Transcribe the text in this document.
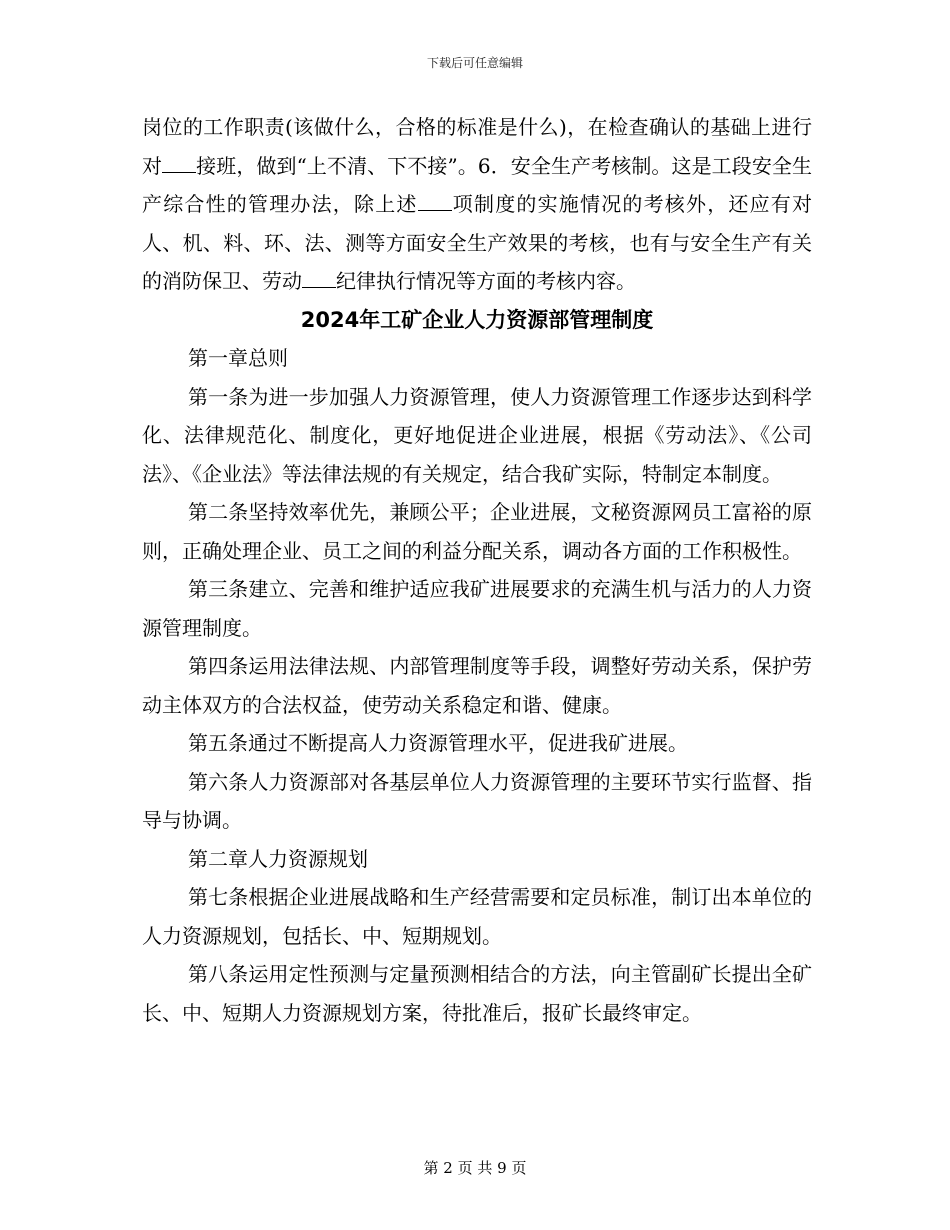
下载后可任意编辑

岗位的工作职责(该做什么，合格的标准是什么)，在检查确认的基础上进行对 接班，做到“上不清、下不接”。6．安全生产考核制。这是工段安全生产综合性的管理办法，除上述 项制度的实施情况的考核外，还应有对人、机、料、环、法、测等方面安全生产效果的考核，也有与安全生产有关的消防保卫、劳动 纪律执行情况等方面的考核内容。

2024年工矿企业人力资源部管理制度

第一章总则

第一条为进一步加强人力资源管理，使人力资源管理工作逐步达到科学化、法律规范化、制度化，更好地促进企业进展，根据《劳动法》、《公司法》、《企业法》等法律法规的有关规定，结合我矿实际，特制定本制度。

第二条坚持效率优先，兼顾公平；企业进展，文秘资源网员工富裕的原则，正确处理企业、员工之间的利益分配关系，调动各方面的工作积极性。

第三条建立、完善和维护适应我矿进展要求的充满生机与活力的人力资源管理制度。

第四条运用法律法规、内部管理制度等手段，调整好劳动关系，保护劳动主体双方的合法权益，使劳动关系稳定和谐、健康。

第五条通过不断提高人力资源管理水平，促进我矿进展。

第六条人力资源部对各基层单位人力资源管理的主要环节实行监督、指导与协调。

第二章人力资源规划

第七条根据企业进展战略和生产经营需要和定员标准，制订出本单位的人力资源规划，包括长、中、短期规划。

第八条运用定性预测与定量预测相结合的方法，向主管副矿长提出全矿长、中、短期人力资源规划方案，待批准后，报矿长最终审定。

第 2 页 共 9 页
